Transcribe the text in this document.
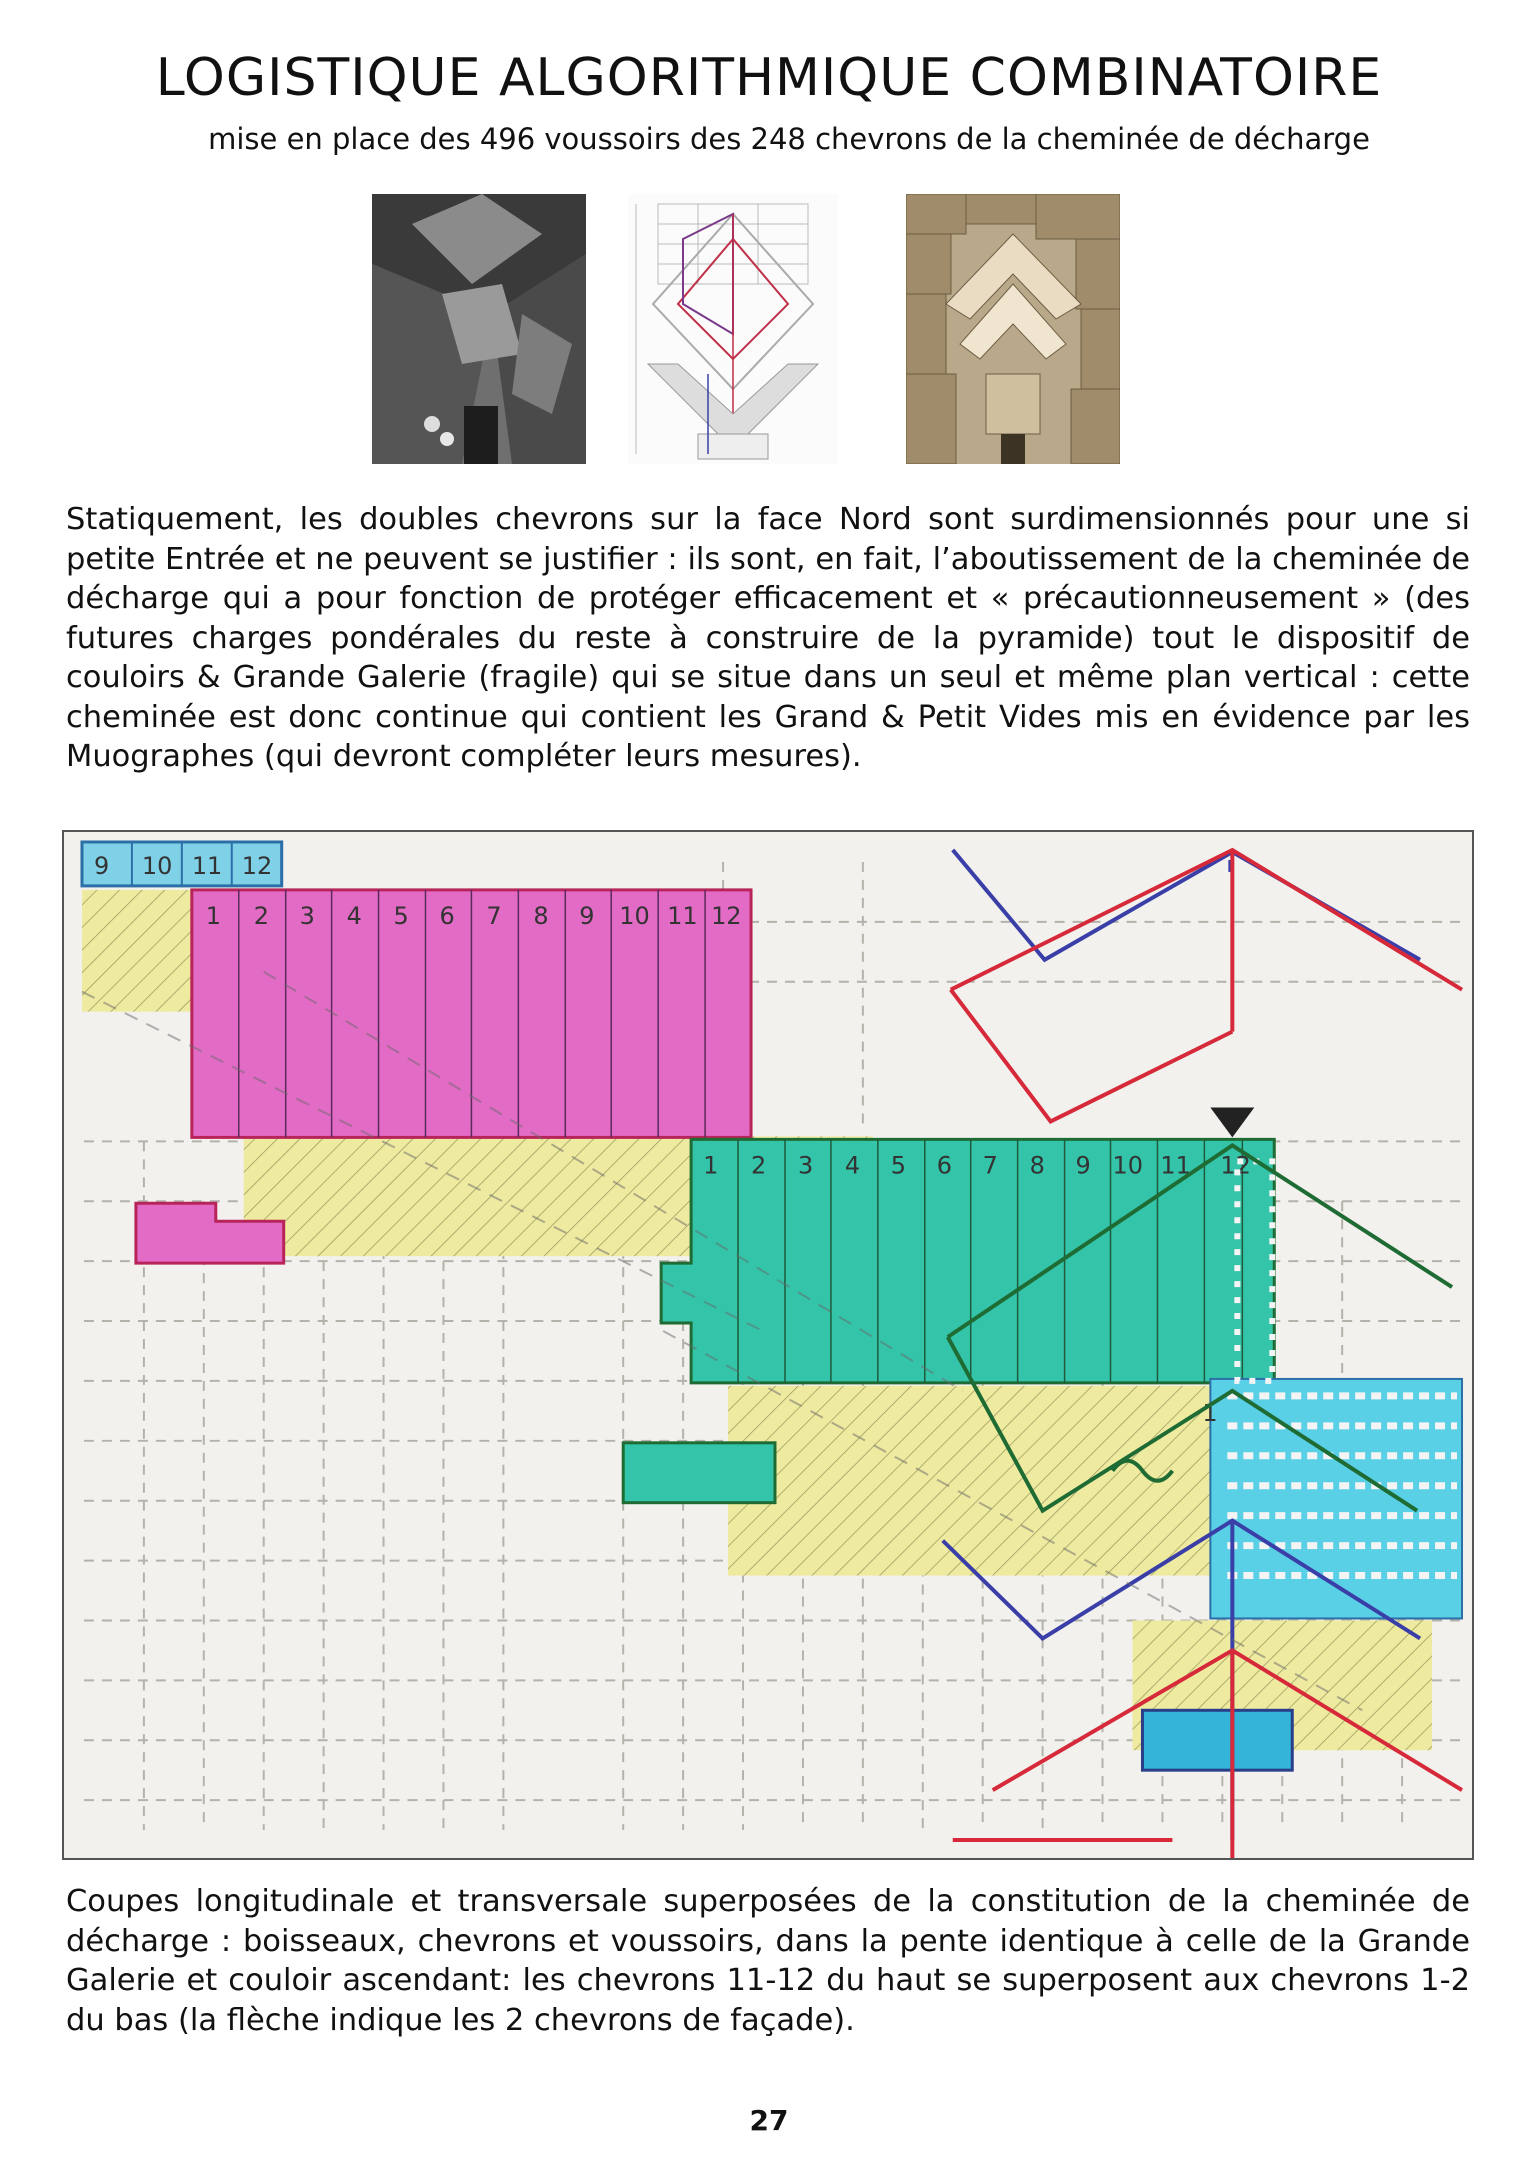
LOGISTIQUE ALGORITHMIQUE COMBINATOIRE
mise en place des 496 voussoirs des 248 chevrons de la cheminée de décharge
Statiquement, les doubles chevrons sur la face Nord sont surdimensionnés pour une si petite Entrée et ne peuvent se justifier : ils sont, en fait, l’aboutissement de la cheminée de décharge qui a pour fonction de protéger efficacement et « précautionneusement » (des futures charges pondérales du reste à construire de la pyramide) tout le dispositif de couloirs & Grande Galerie (fragile) qui se situe dans un seul et même plan vertical : cette cheminée est donc continue qui contient les Grand & Petit Vides mis en évidence par les Muographes (qui devront compléter leurs mesures).
9 10 11 12
1 2 3 4 5 6 7 8 9 10 11 12
1 2 3 4 5 6 7 8 9 10 11 12
1
Coupes longitudinale et transversale superposées de la constitution de la cheminée de décharge : boisseaux, chevrons et voussoirs, dans la pente identique à celle de la Grande Galerie et couloir ascendant: les chevrons 11-12 du haut se superposent aux chevrons 1-2 du bas (la flèche indique les 2 chevrons de façade).
27
